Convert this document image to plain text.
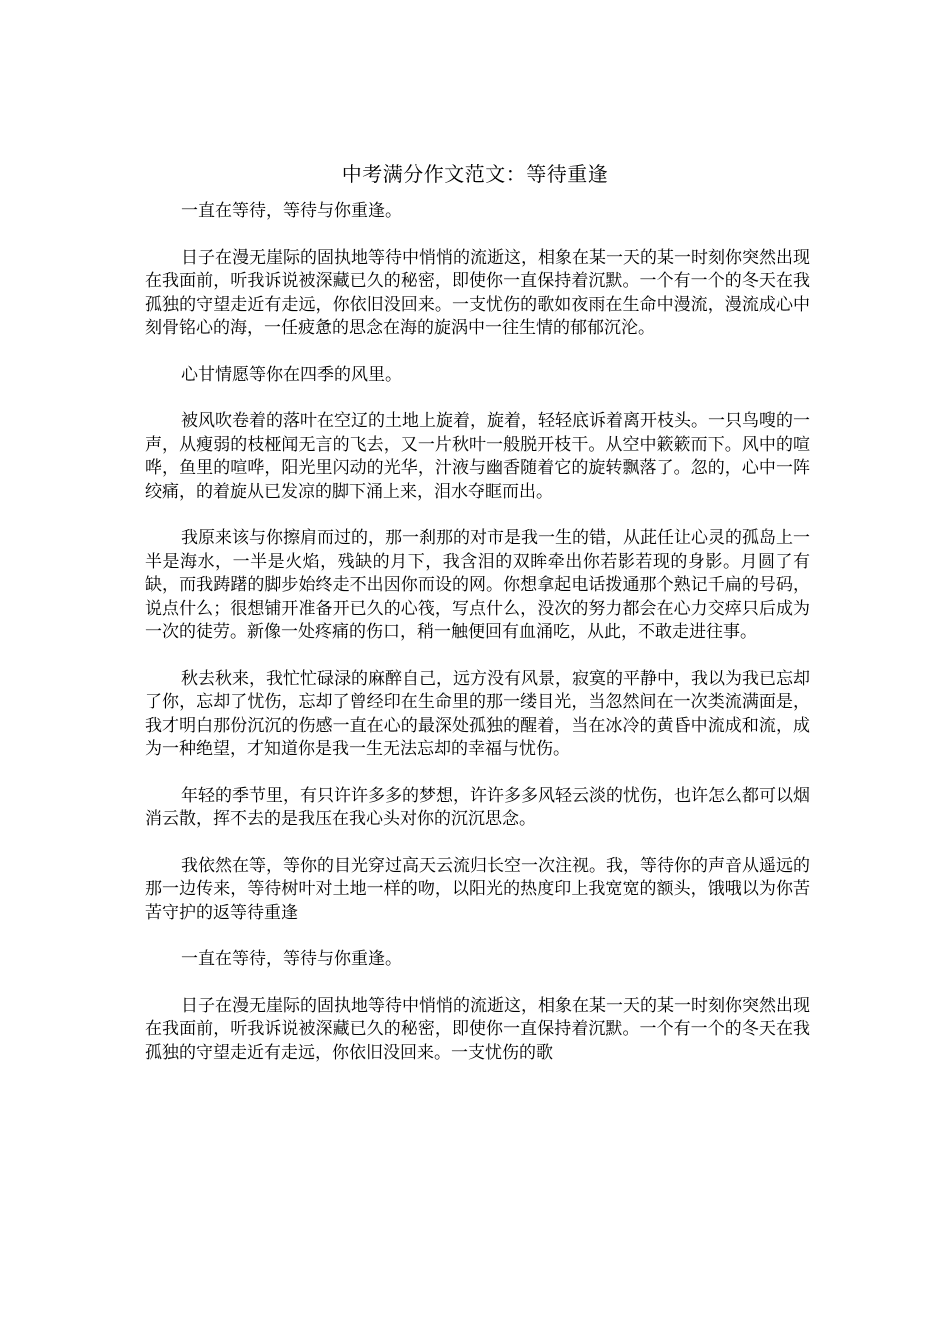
中考满分作文范文：等待重逢

一直在等待，等待与你重逢。

日子在漫无崖际的固执地等待中悄悄的流逝这，相象在某一天的某一时刻你突然出现在我面前，听我诉说被深藏已久的秘密，即使你一直保持着沉默。一个有一个的冬天在我孤独的守望走近有走远，你依旧没回来。一支忧伤的歌如夜雨在生命中漫流，漫流成心中刻骨铭心的海，一任疲惫的思念在海的旋涡中一往生情的郁郁沉沦。

心甘情愿等你在四季的风里。

被风吹卷着的落叶在空辽的土地上旋着，旋着，轻轻底诉着离开枝头。一只鸟嗖的一声，从瘦弱的枝桠闻无言的飞去，又一片秋叶一般脱开枝干。从空中簌簌而下。风中的喧哗，鱼里的喧哗，阳光里闪动的光华，汁液与幽香随着它的旋转飘落了。忽的，心中一阵绞痛，的着旋从已发凉的脚下涌上来，泪水夺眶而出。

我原来该与你擦肩而过的，那一刹那的对市是我一生的错，从茈任让心灵的孤岛上一半是海水，一半是火焰，残缺的月下，我含泪的双眸牵出你若影若现的身影。月圆了有缺，而我踌躇的脚步始终走不出因你而设的网。你想拿起电话拨通那个熟记千扁的号码，说点什么；很想铺开准备开已久的心筏，写点什么，没次的努力都会在心力交瘁只后成为一次的徒劳。新像一处疼痛的伤口，稍一触便回有血涌吃，从此，不敢走进往事。

秋去秋来，我忙忙碌渌的麻醉自己，远方没有风景，寂寞的平静中，我以为我已忘却了你，忘却了忧伤，忘却了曾经印在生命里的那一缕目光，当忽然间在一次类流满面是，我才明白那份沉沉的伤感一直在心的最深处孤独的醒着，当在冰冷的黄昏中流成和流，成为一种绝望，才知道你是我一生无法忘却的幸福与忧伤。

年轻的季节里，有只许许多多的梦想，许许多多风轻云淡的忧伤，也许怎么都可以烟消云散，挥不去的是我压在我心头对你的沉沉思念。

我依然在等，等你的目光穿过高天云流归长空一次注视。我，等待你的声音从遥远的那一边传来，等待树叶对土地一样的吻，以阳光的热度印上我宽宽的额头，饿哦以为你苦苦守护的返等待重逢

一直在等待，等待与你重逢。

日子在漫无崖际的固执地等待中悄悄的流逝这，相象在某一天的某一时刻你突然出现在我面前，听我诉说被深藏已久的秘密，即使你一直保持着沉默。一个有一个的冬天在我孤独的守望走近有走远，你依旧没回来。一支忧伤的歌
